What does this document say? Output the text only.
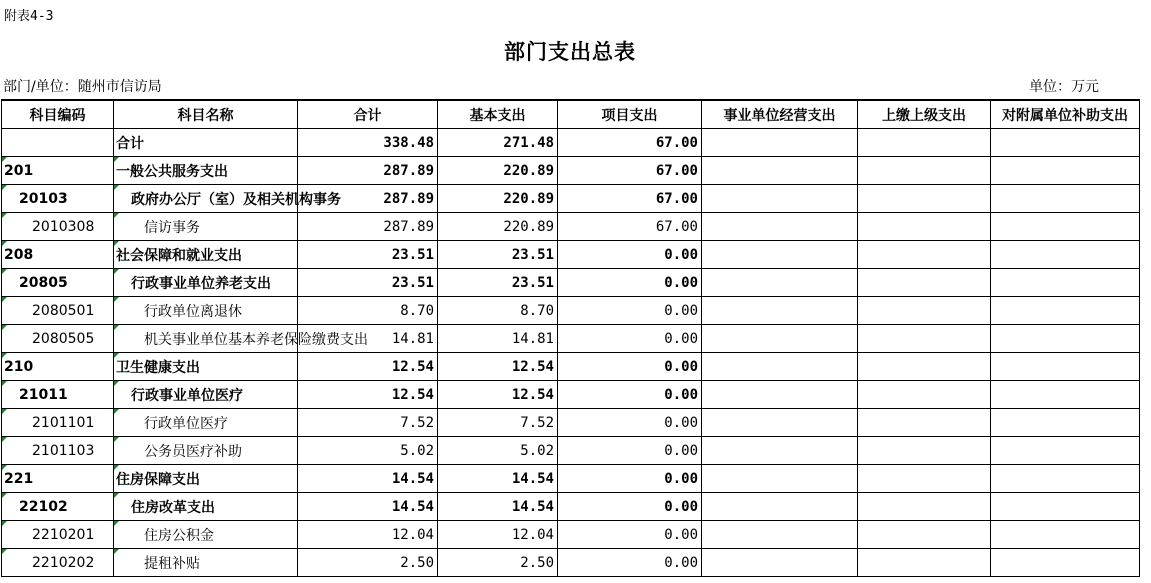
附表4-3
部门支出总表
部门/单位：随州市信访局	单位：万元
科目编码	科目名称	合计	基本支出	项目支出	事业单位经营支出	上缴上级支出	对附属单位补助支出
	合计	338.48	271.48	67.00			
201	一般公共服务支出	287.89	220.89	67.00			
20103	政府办公厅（室）及相关机构事务	287.89	220.89	67.00			
2010308	信访事务	287.89	220.89	67.00			
208	社会保障和就业支出	23.51	23.51	0.00			
20805	行政事业单位养老支出	23.51	23.51	0.00			
2080501	行政单位离退休	8.70	8.70	0.00			
2080505	机关事业单位基本养老保险缴费支出	14.81	14.81	0.00			
210	卫生健康支出	12.54	12.54	0.00			
21011	行政事业单位医疗	12.54	12.54	0.00			
2101101	行政单位医疗	7.52	7.52	0.00			
2101103	公务员医疗补助	5.02	5.02	0.00			
221	住房保障支出	14.54	14.54	0.00			
22102	住房改革支出	14.54	14.54	0.00			
2210201	住房公积金	12.04	12.04	0.00			
2210202	提租补贴	2.50	2.50	0.00			
